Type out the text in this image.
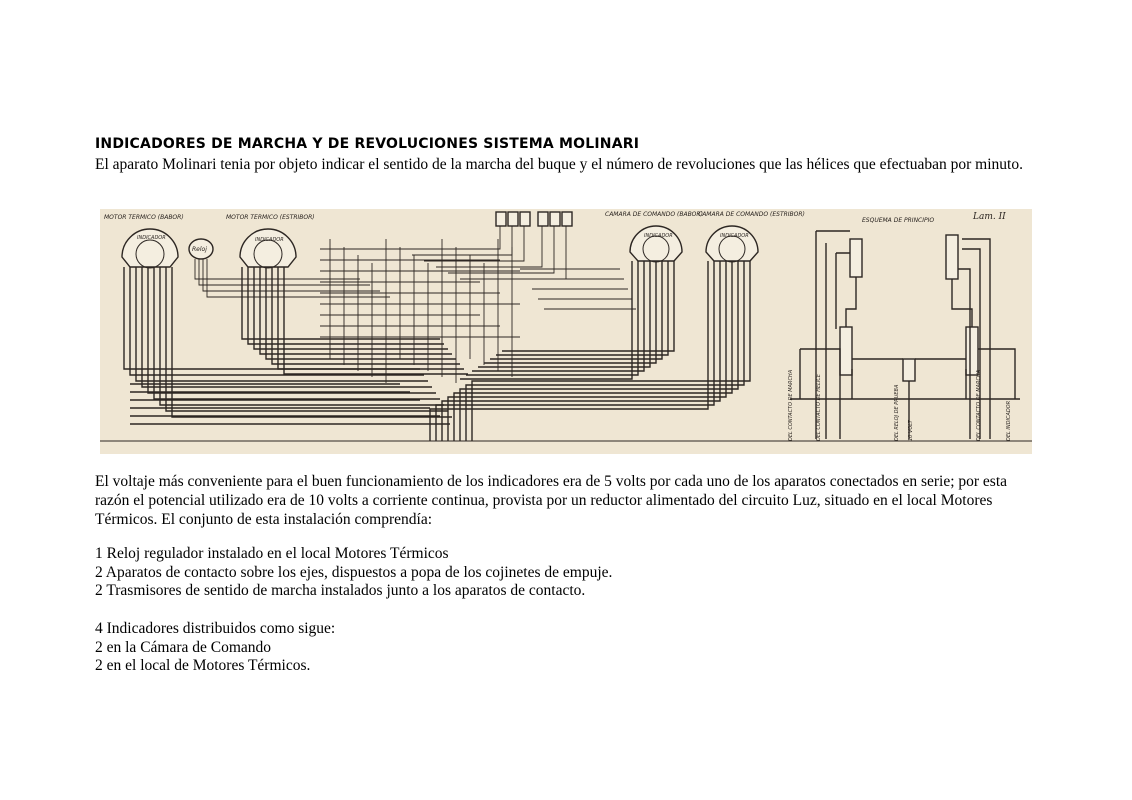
INDICADORES DE MARCHA Y DE REVOLUCIONES SISTEMA MOLINARI

El aparato Molinari tenia por objeto indicar el sentido de la marcha del buque y el número de revoluciones que las hélices que efectuaban por minuto.

MOTOR TERMICO (BABOR)	MOTOR TERMICO (ESTRIBOR)	CAMARA DE COMANDO (BABOR)
CAMARA DE COMANDO (ESTRIBOR)
ESQUEMA DE PRINCIPIO	Lam. II
INDICADOR
Reloj
INDICADOR
INDICADOR	INDICADOR
DEL CONTACTO DE MARCHA	DEL CONTACTO DE HELICE	DEL RELOJ DE PRUEBA 10 VOLT	DEL CONTACTO DE MARCHA	DEL INDICADOR

El voltaje más conveniente para el buen funcionamiento de los indicadores era de 5 volts por cada uno de los aparatos conectados en serie; por esta razón el potencial utilizado era de 10 volts a corriente continua, provista por un reductor alimentado del circuito Luz, situado en el local Motores Térmicos. El conjunto de esta instalación comprendía:

1 Reloj regulador instalado en el local Motores Térmicos
2 Aparatos de contacto sobre los ejes, dispuestos a popa de los cojinetes de empuje.
2 Trasmisores de sentido de marcha instalados junto a los aparatos de contacto.
4 Indicadores distribuidos como sigue:
2 en la Cámara de Comando
2 en el local de Motores Térmicos.
